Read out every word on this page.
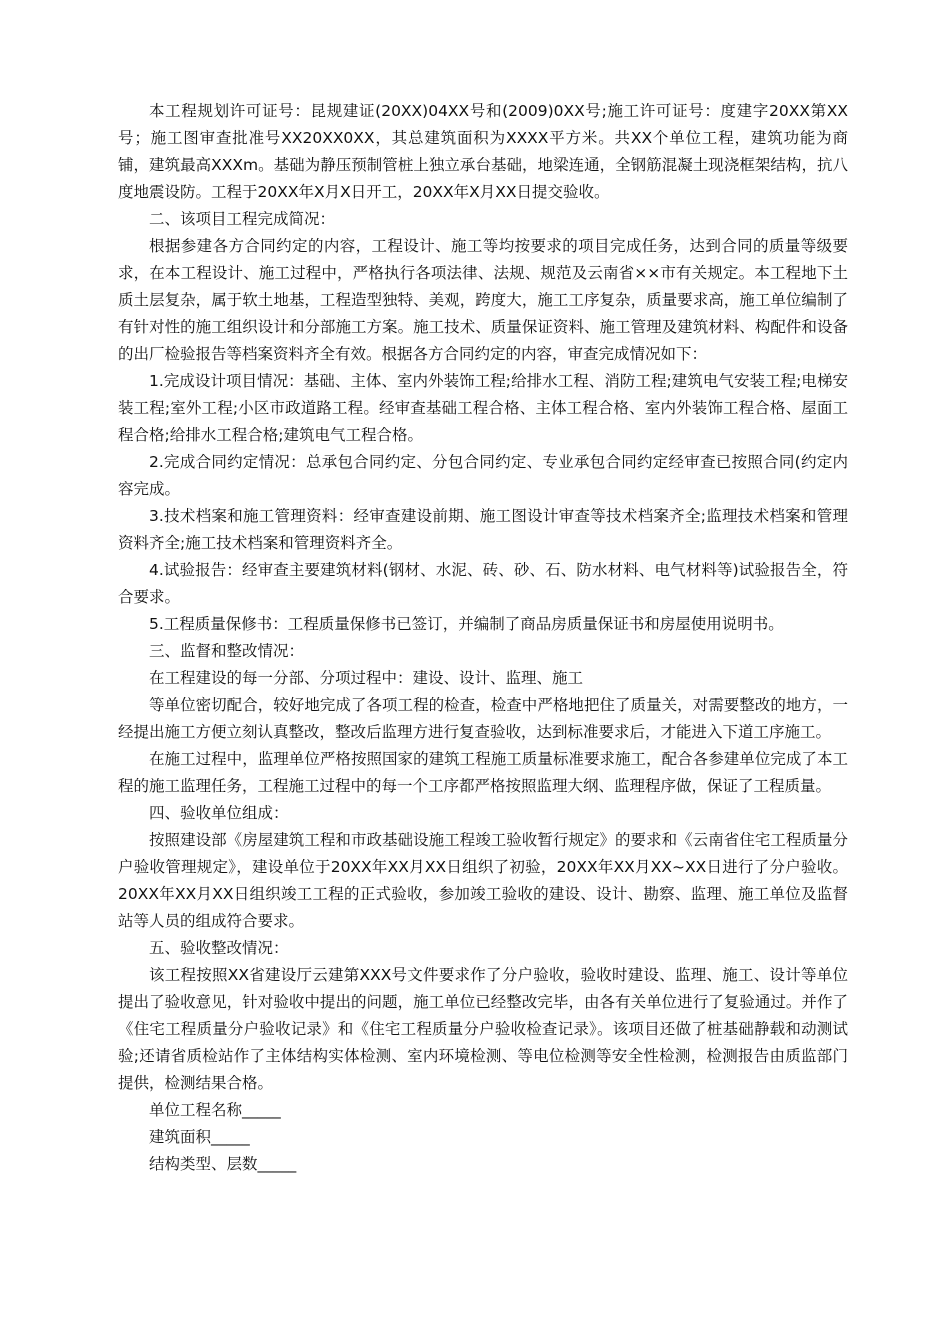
本工程规划许可证号：昆规建证(20XX)04XX号和(2009)0XX号;施工许可证号：度建字20XX第XX号；施工图审查批准号XX20XX0XX，其总建筑面积为XXXX平方米。共XX个单位工程，建筑功能为商铺，建筑最高XXXm。基础为静压预制管桩上独立承台基础，地梁连通，全钢筋混凝土现浇框架结构，抗八度地震设防。工程于20XX年X月X日开工，20XX年X月XX日提交验收。

二、该项目工程完成简况：

根据参建各方合同约定的内容，工程设计、施工等均按要求的项目完成任务，达到合同的质量等级要求，在本工程设计、施工过程中，严格执行各项法律、法规、规范及云南省××市有关规定。本工程地下土质土层复杂，属于软土地基，工程造型独特、美观，跨度大，施工工序复杂，质量要求高，施工单位编制了有针对性的施工组织设计和分部施工方案。施工技术、质量保证资料、施工管理及建筑材料、构配件和设备的出厂检验报告等档案资料齐全有效。根据各方合同约定的内容，审查完成情况如下：

1.完成设计项目情况：基础、主体、室内外装饰工程;给排水工程、消防工程;建筑电气安装工程;电梯安装工程;室外工程;小区市政道路工程。经审查基础工程合格、主体工程合格、室内外装饰工程合格、屋面工程合格;给排水工程合格;建筑电气工程合格。

2.完成合同约定情况：总承包合同约定、分包合同约定、专业承包合同约定经审查已按照合同(约定内容完成。

3.技术档案和施工管理资料：经审查建设前期、施工图设计审查等技术档案齐全;监理技术档案和管理资料齐全;施工技术档案和管理资料齐全。

4.试验报告：经审查主要建筑材料(钢材、水泥、砖、砂、石、防水材料、电气材料等)试验报告全，符合要求。

5.工程质量保修书：工程质量保修书已签订，并编制了商品房质量保证书和房屋使用说明书。

三、监督和整改情况：

在工程建设的每一分部、分项过程中：建设、设计、监理、施工

等单位密切配合，较好地完成了各项工程的检查，检查中严格地把住了质量关，对需要整改的地方，一经提出施工方便立刻认真整改，整改后监理方进行复查验收，达到标准要求后，才能进入下道工序施工。

在施工过程中，监理单位严格按照国家的建筑工程施工质量标准要求施工，配合各参建单位完成了本工程的施工监理任务，工程施工过程中的每一个工序都严格按照监理大纲、监理程序做，保证了工程质量。

四、验收单位组成：

按照建设部《房屋建筑工程和市政基础设施工程竣工验收暂行规定》的要求和《云南省住宅工程质量分户验收管理规定》，建设单位于20XX年XX月XX日组织了初验，20XX年XX月XX~XX日进行了分户验收。20XX年XX月XX日组织竣工工程的正式验收，参加竣工验收的建设、设计、勘察、监理、施工单位及监督站等人员的组成符合要求。

五、验收整改情况：

该工程按照XX省建设厅云建第XXX号文件要求作了分户验收，验收时建设、监理、施工、设计等单位提出了验收意见，针对验收中提出的问题，施工单位已经整改完毕，由各有关单位进行了复验通过。并作了《住宅工程质量分户验收记录》和《住宅工程质量分户验收检查记录》。该项目还做了桩基础静载和动测试验;还请省质检站作了主体结构实体检测、室内环境检测、等电位检测等安全性检测，检测报告由质监部门提供，检测结果合格。

单位工程名称_____

建筑面积_____

结构类型、层数_____
